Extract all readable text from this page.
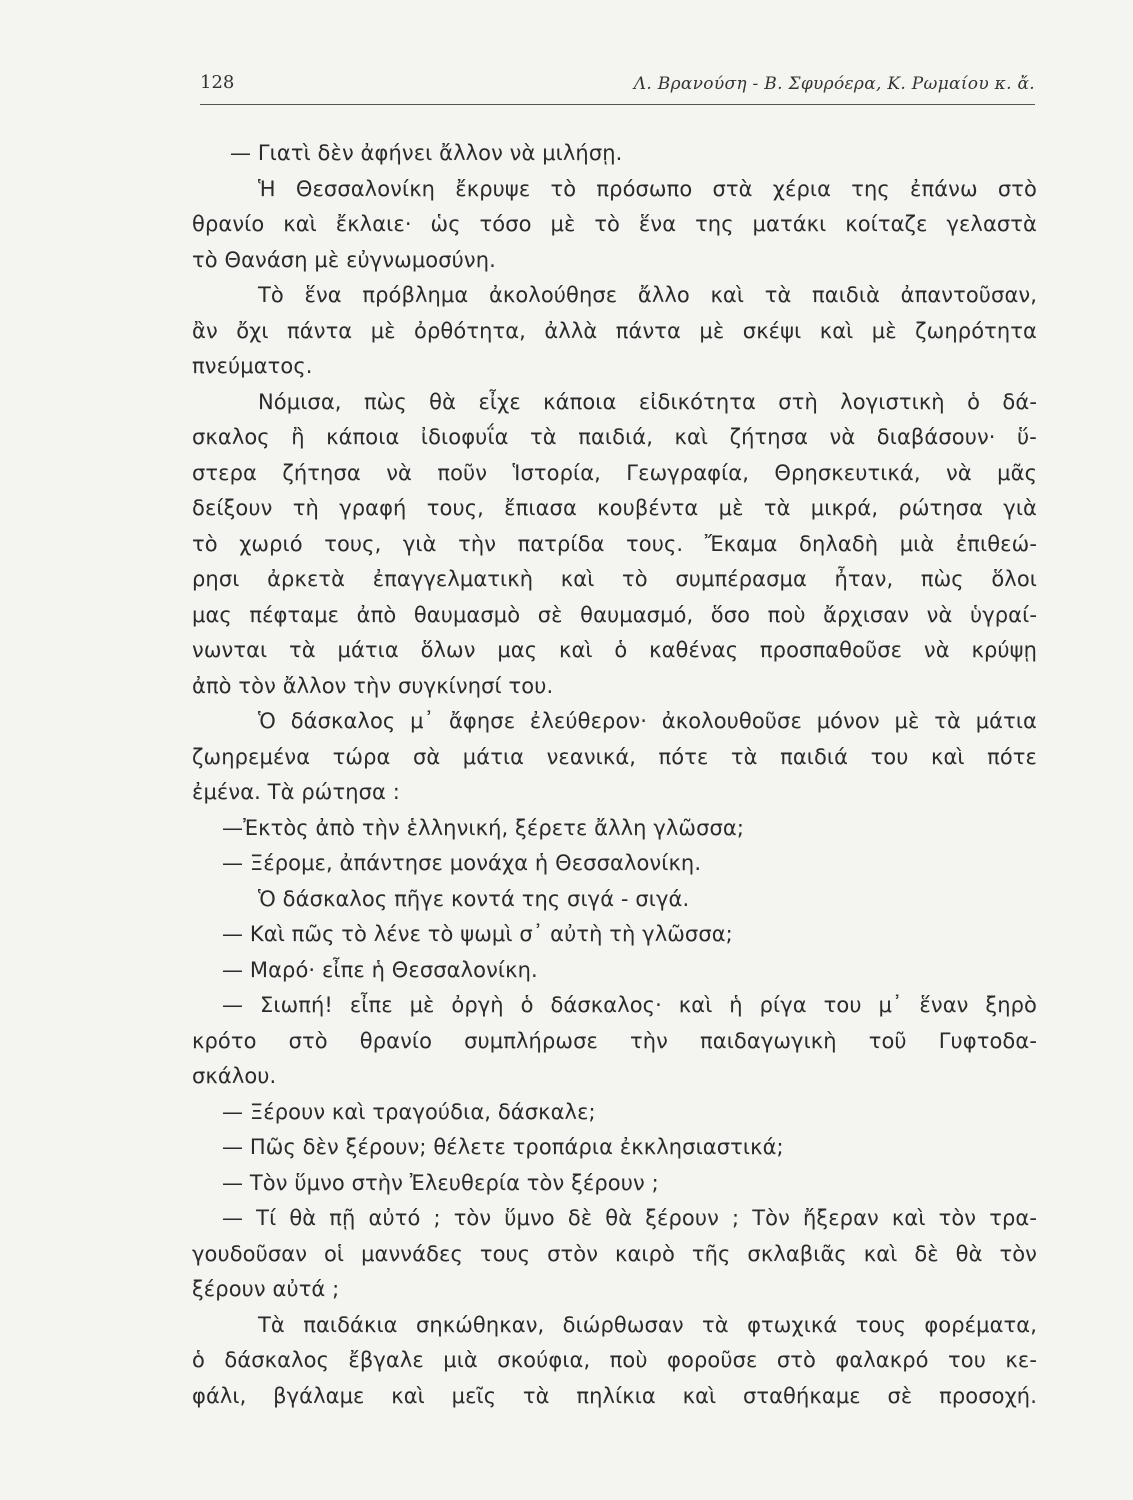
128	Λ. Βρανούση - Β. Σφυρόερα, Κ. Ρωμαίου κ. ἄ.
— Γιατὶ δὲν ἀφήνει ἄλλον νὰ μιλήσῃ.
Ἡ Θεσσαλονίκη ἔκρυψε τὸ πρόσωπο στὰ χέρια της ἐπάνω στὸ
θρανίο καὶ ἔκλαιε· ὡς τόσο μὲ τὸ ἕνα της ματάκι κοίταζε γελαστὰ
τὸ Θανάση μὲ εὐγνωμοσύνη.
Τὸ ἕνα πρόβλημα ἀκολούθησε ἄλλο καὶ τὰ παιδιὰ ἀπαντοῦσαν,
ἂν ὄχι πάντα μὲ ὀρθότητα, ἀλλὰ πάντα μὲ σκέψι καὶ μὲ ζωηρότητα
πνεύματος.
Νόμισα, πὼς θὰ εἶχε κάποια εἰδικότητα στὴ λογιστικὴ ὁ δά-
σκαλος ἢ κάποια ἰδιοφυΐα τὰ παιδιά, καὶ ζήτησα νὰ διαβάσουν· ὕ-
στερα ζήτησα νὰ ποῦν Ἱστορία, Γεωγραφία, Θρησκευτικά, νὰ μᾶς
δείξουν τὴ γραφή τους, ἔπιασα κουβέντα μὲ τὰ μικρά, ρώτησα γιὰ
τὸ χωριό τους, γιὰ τὴν πατρίδα τους. Ἔκαμα δηλαδὴ μιὰ ἐπιθεώ-
ρησι ἀρκετὰ ἐπαγγελματικὴ καὶ τὸ συμπέρασμα ἦταν, πὼς ὅλοι
μας πέφταμε ἀπὸ θαυμασμὸ σὲ θαυμασμό, ὅσο ποὺ ἄρχισαν νὰ ὑγραί-
νωνται τὰ μάτια ὅλων μας καὶ ὁ καθένας προσπαθοῦσε νὰ κρύψῃ
ἀπὸ τὸν ἄλλον τὴν συγκίνησί του.
Ὁ δάσκαλος μ᾽ ἄφησε ἐλεύθερον· ἀκολουθοῦσε μόνον μὲ τὰ μάτια
ζωηρεμένα τώρα σὰ μάτια νεανικά, πότε τὰ παιδιά του καὶ πότε
ἐμένα. Τὰ ρώτησα :
—Ἐκτὸς ἀπὸ τὴν ἑλληνική, ξέρετε ἄλλη γλῶσσα;
— Ξέρομε, ἀπάντησε μονάχα ἡ Θεσσαλονίκη.
Ὁ δάσκαλος πῆγε κοντά της σιγά - σιγά.
— Καὶ πῶς τὸ λένε τὸ ψωμὶ σ᾽ αὐτὴ τὴ γλῶσσα;
— Μαρό· εἶπε ἡ Θεσσαλονίκη.
— Σιωπή! εἶπε μὲ ὀργὴ ὁ δάσκαλος· καὶ ἡ ρίγα του μ᾽ ἕναν ξηρὸ
κρότο στὸ θρανίο συμπλήρωσε τὴν παιδαγωγικὴ τοῦ Γυφτοδα-
σκάλου.
— Ξέρουν καὶ τραγούδια, δάσκαλε;
— Πῶς δὲν ξέρουν; θέλετε τροπάρια ἐκκλησιαστικά;
— Τὸν ὕμνο στὴν Ἐλευθερία τὸν ξέρουν ;
— Τί θὰ πῇ αὐτό ; τὸν ὕμνο δὲ θὰ ξέρουν ; Τὸν ἤξεραν καὶ τὸν τρα-
γουδοῦσαν οἱ μαννάδες τους στὸν καιρὸ τῆς σκλαβιᾶς καὶ δὲ θὰ τὸν
ξέρουν αὐτά ;
Τὰ παιδάκια σηκώθηκαν, διώρθωσαν τὰ φτωχικά τους φορέματα,
ὁ δάσκαλος ἔβγαλε μιὰ σκούφια, ποὺ φοροῦσε στὸ φαλακρό του κε-
φάλι, βγάλαμε καὶ μεῖς τὰ πηλίκια καὶ σταθήκαμε σὲ προσοχή.
